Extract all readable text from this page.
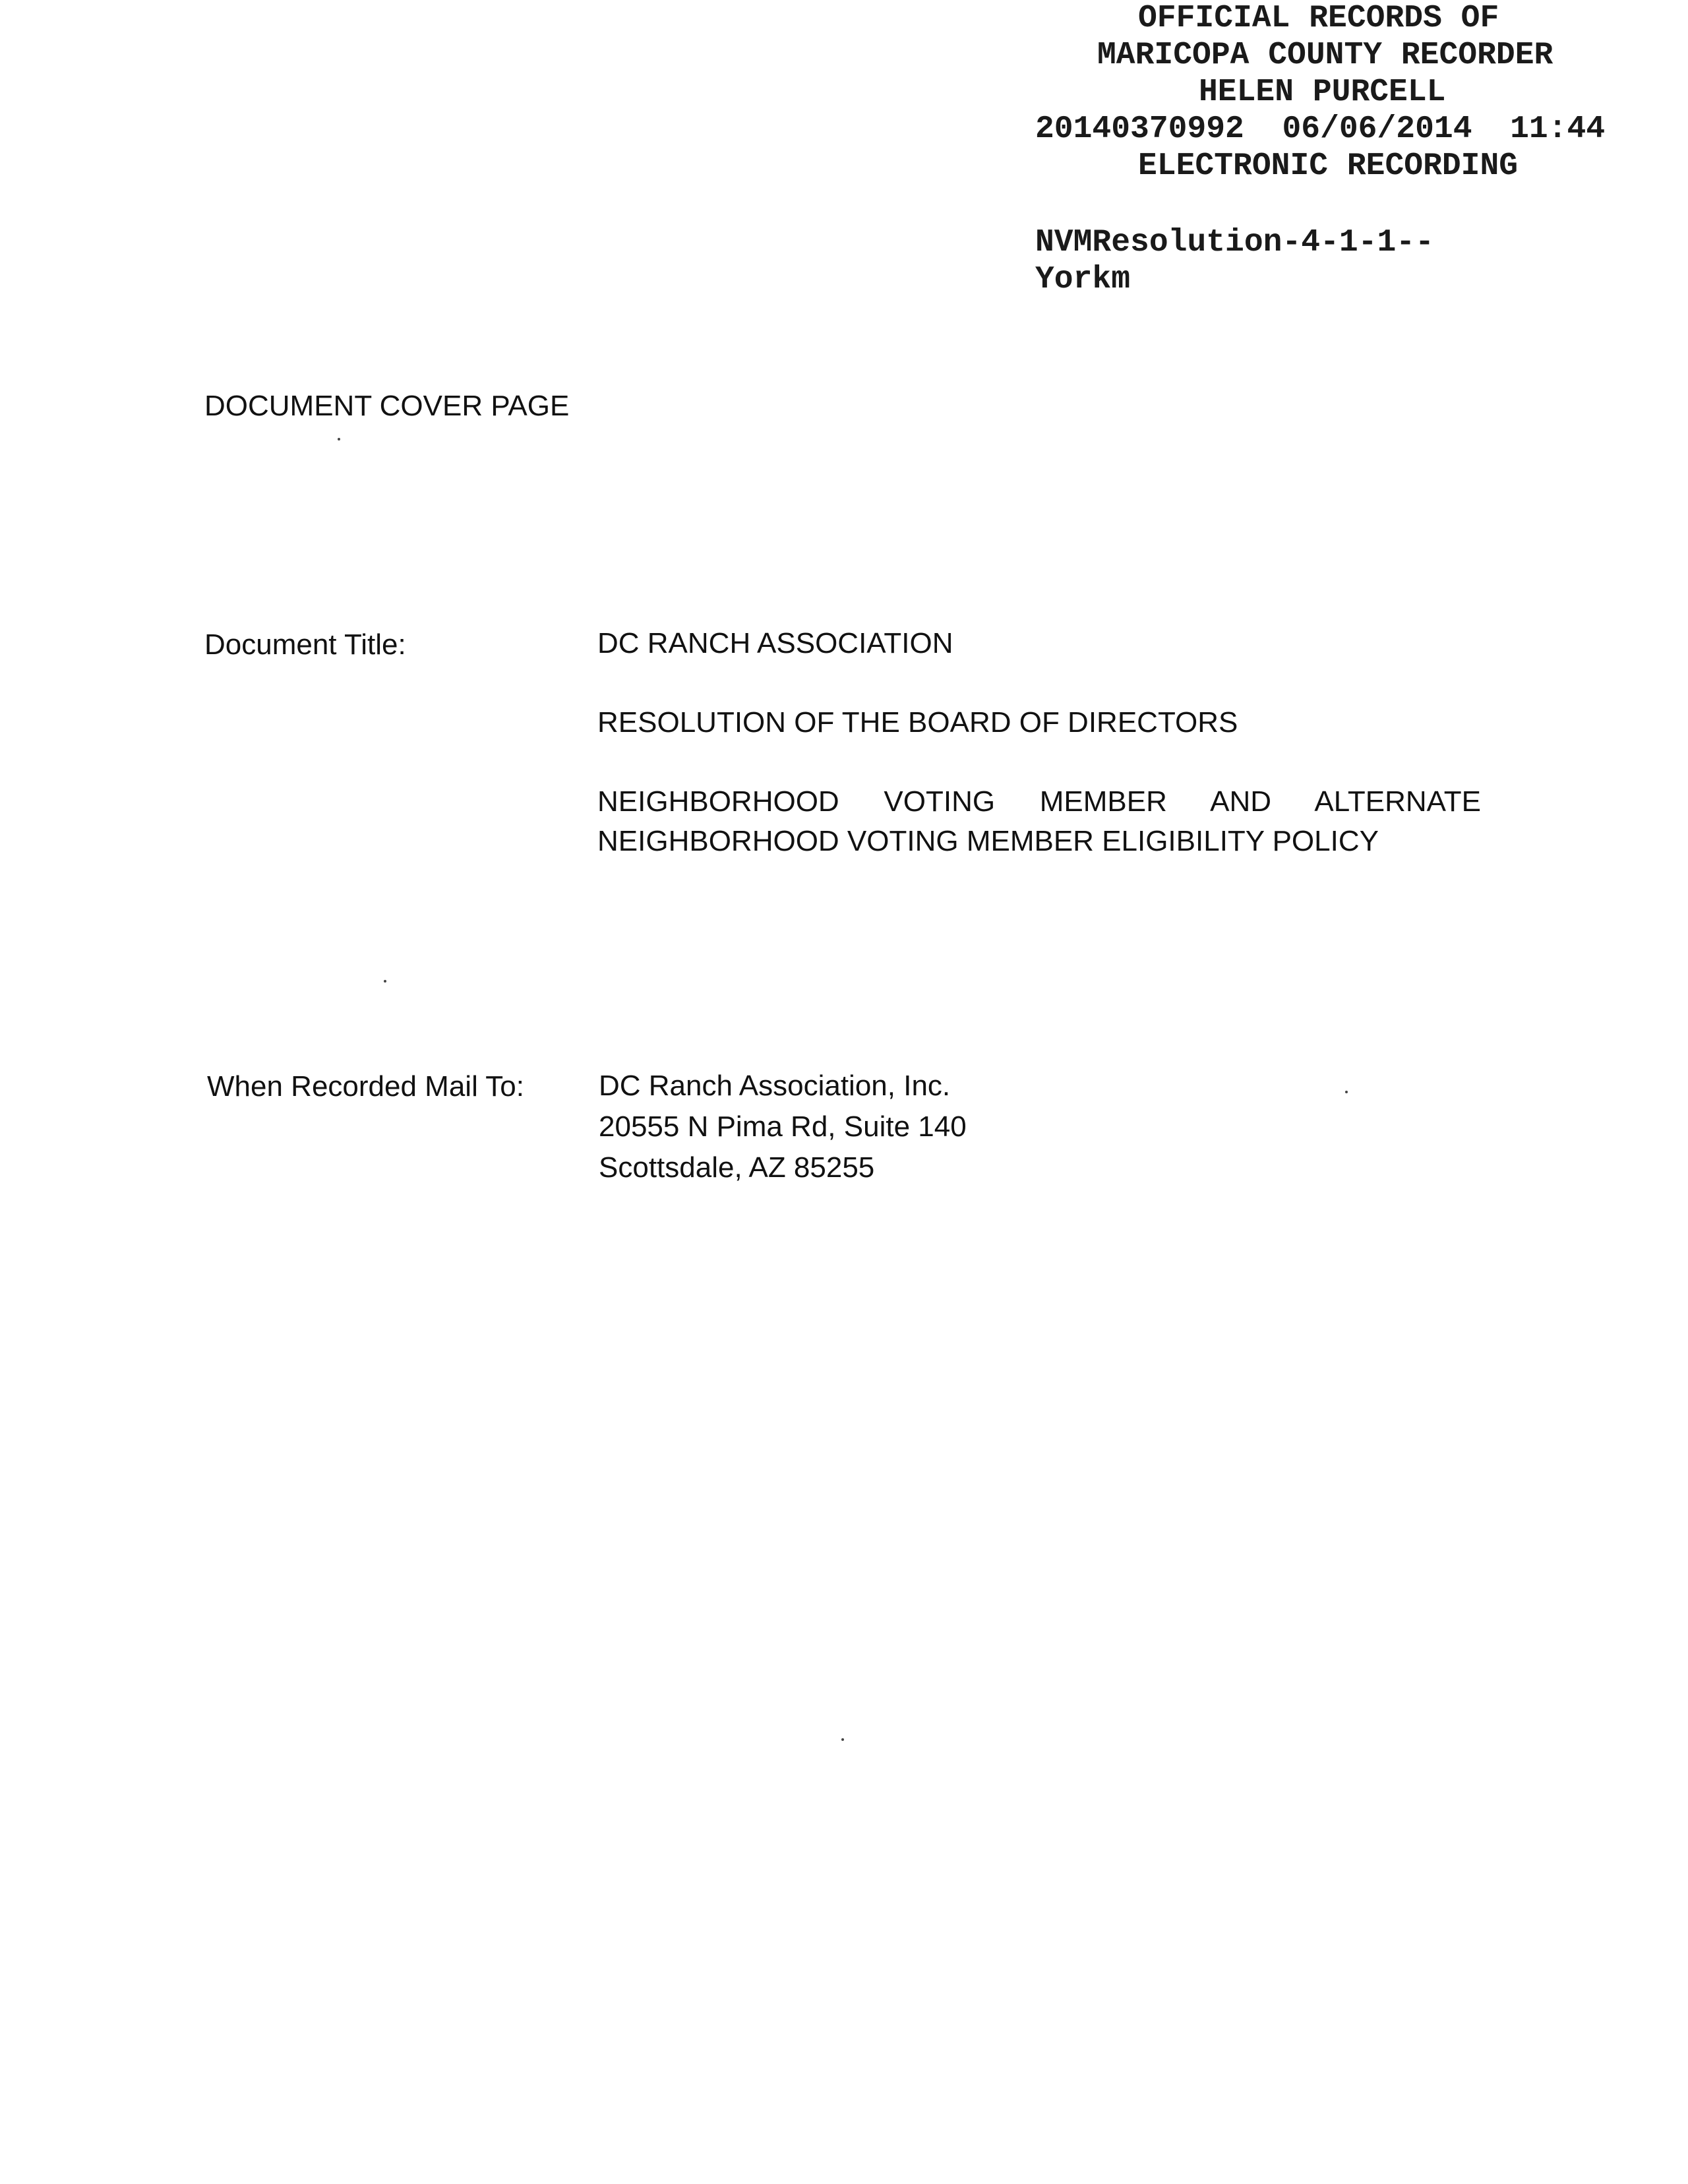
OFFICIAL RECORDS OF
MARICOPA COUNTY RECORDER
HELEN PURCELL
20140370992  06/06/2014  11:44
ELECTRONIC RECORDING
NVMResolution-4-1-1--
Yorkm
DOCUMENT COVER PAGE
Document Title:	DC RANCH ASSOCIATION
RESOLUTION OF THE BOARD OF DIRECTORS
NEIGHBORHOOD VOTING MEMBER AND ALTERNATE
NEIGHBORHOOD VOTING MEMBER ELIGIBILITY POLICY
When Recorded Mail To:	DC Ranch Association, Inc.
20555 N Pima Rd, Suite 140
Scottsdale, AZ 85255
